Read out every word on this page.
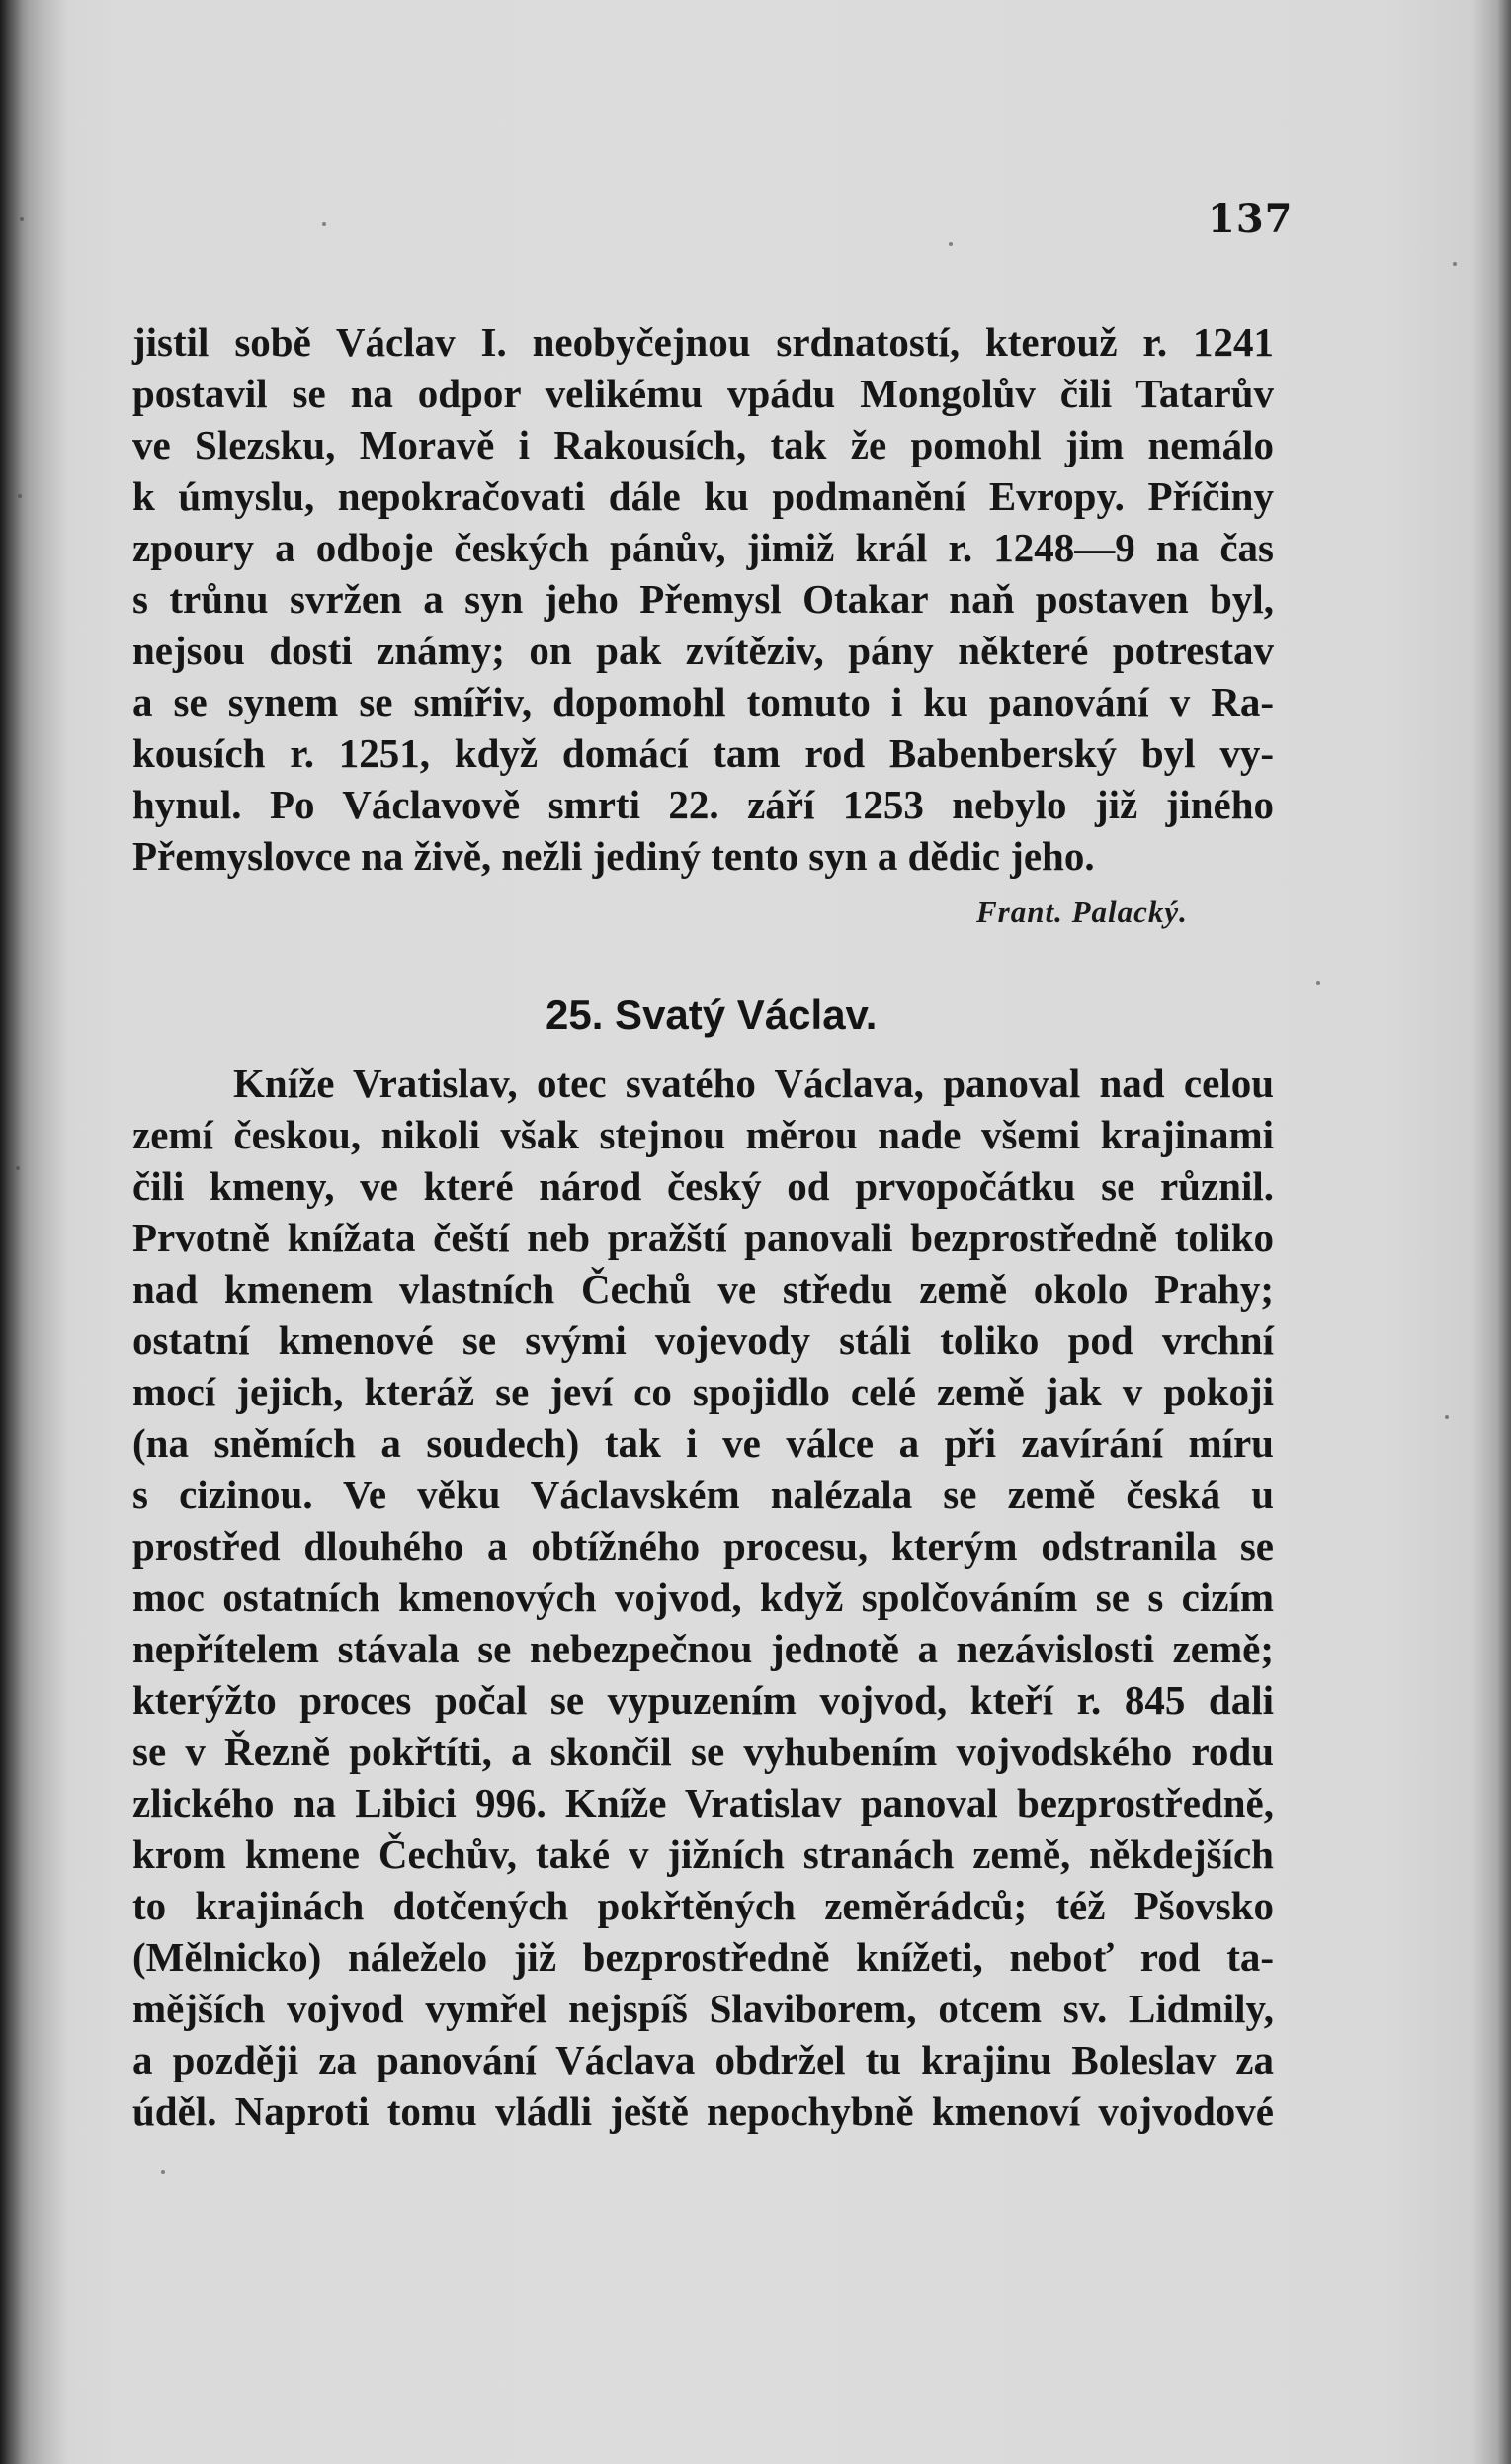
137
jistil sobě Václav I. neobyčejnou srdnatostí, kterouž r. 1241
postavil se na odpor velikému vpádu Mongolův čili Tatarův
ve Slezsku, Moravě i Rakousích, tak že pomohl jim nemálo
k úmyslu, nepokračovati dále ku podmanění Evropy. Příčiny
zpoury a odboje českých pánův, jimiž král r. 1248—9 na čas
s trůnu svržen a syn jeho Přemysl Otakar naň postaven byl,
nejsou dosti známy; on pak zvítěziv, pány některé potrestav
a se synem se smířiv, dopomohl tomuto i ku panování v Ra-
kousích r. 1251, když domácí tam rod Babenberský byl vy-
hynul. Po Václavově smrti 22. září 1253 nebylo již jiného
Přemyslovce na živě, nežli jediný tento syn a dědic jeho.
Frant. Palacký.
25. Svatý Václav.
Kníže Vratislav, otec svatého Václava, panoval nad celou
zemí českou, nikoli však stejnou měrou nade všemi krajinami
čili kmeny, ve které národ český od prvopočátku se různil.
Prvotně knížata čeští neb pražští panovali bezprostředně toliko
nad kmenem vlastních Čechů ve středu země okolo Prahy;
ostatní kmenové se svými vojevody stáli toliko pod vrchní
mocí jejich, kteráž se jeví co spojidlo celé země jak v pokoji
(na sněmích a soudech) tak i ve válce a při zavírání míru
s cizinou. Ve věku Václavském nalézala se země česká u
prostřed dlouhého a obtížného procesu, kterým odstranila se
moc ostatních kmenových vojvod, když spolčováním se s cizím
nepřítelem stávala se nebezpečnou jednotě a nezávislosti země;
kterýžto proces počal se vypuzením vojvod, kteří r. 845 dali
se v Řezně pokřtíti, a skončil se vyhubením vojvodského rodu
zlického na Libici 996. Kníže Vratislav panoval bezprostředně,
krom kmene Čechův, také v jižních stranách země, někdejších
to krajinách dotčených pokřtěných zeměrádců; též Pšovsko
(Mělnicko) náleželo již bezprostředně knížeti, neboť rod ta-
mějších vojvod vymřel nejspíš Slaviborem, otcem sv. Lidmily,
a později za panování Václava obdržel tu krajinu Boleslav za
úděl. Naproti tomu vládli ještě nepochybně kmenoví vojvodové
